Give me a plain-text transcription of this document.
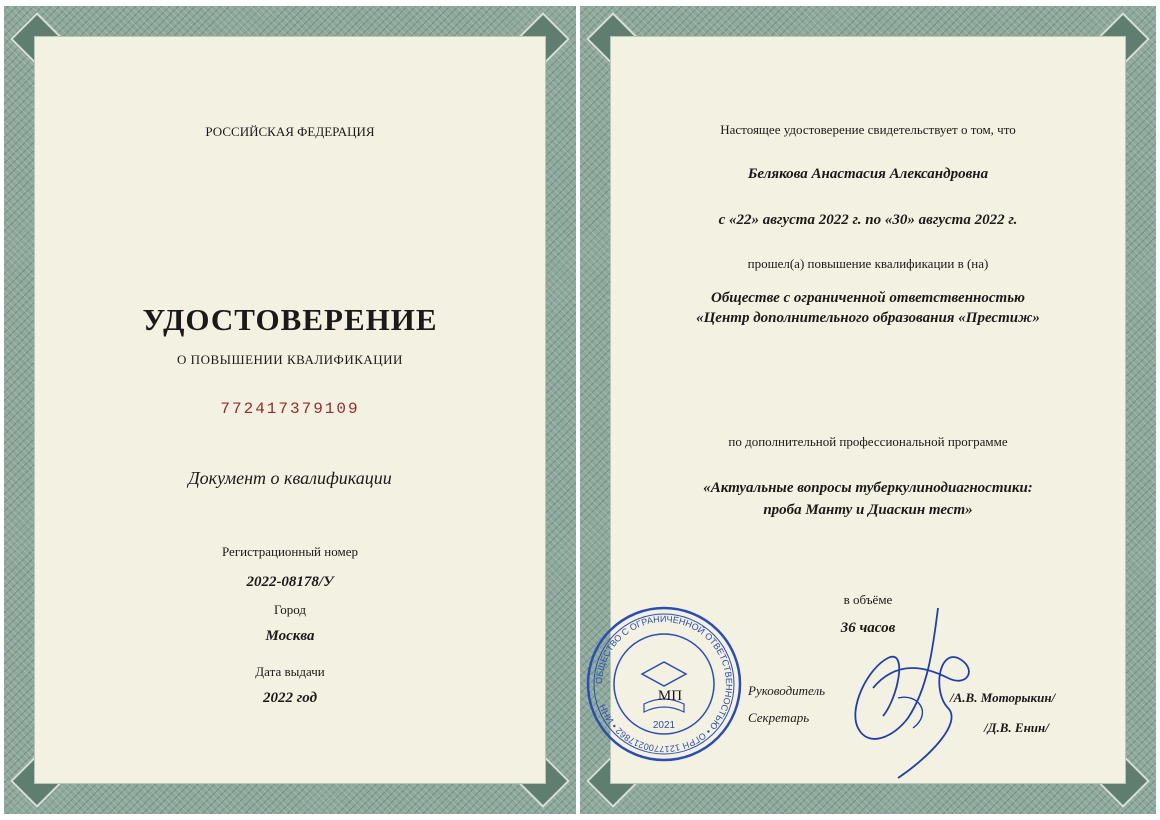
РОССИЙСКАЯ ФЕДЕРАЦИЯ
УДОСТОВЕРЕНИЕ
О ПОВЫШЕНИИ КВАЛИФИКАЦИИ
772417379109
Документ о квалификации
Регистрационный номер
2022-08178/У
Город
Москва
Дата выдачи
2022 год
Настоящее удостоверение свидетельствует о том, что
Белякова Анастасия Александровна
с «22» августа 2022 г. по «30» августа 2022 г.
прошел(а) повышение квалификации в (на)
Обществе с ограниченной ответственностью
«Центр дополнительного образования «Престиж»
по дополнительной профессиональной программе
«Актуальные вопросы туберкулинодиагностики:
проба Манту и Диаскин тест»
в объёме
36 часов
ОБЩЕСТВО С ОГРАНИЧЕННОЙ ОТВЕТСТВЕННОСТЬЮ • ОГРН 1217700217862 • ИНН
2021
МП	Руководитель	/А.В. Моторыкин/
Секретарь
/Д.В. Енин/
